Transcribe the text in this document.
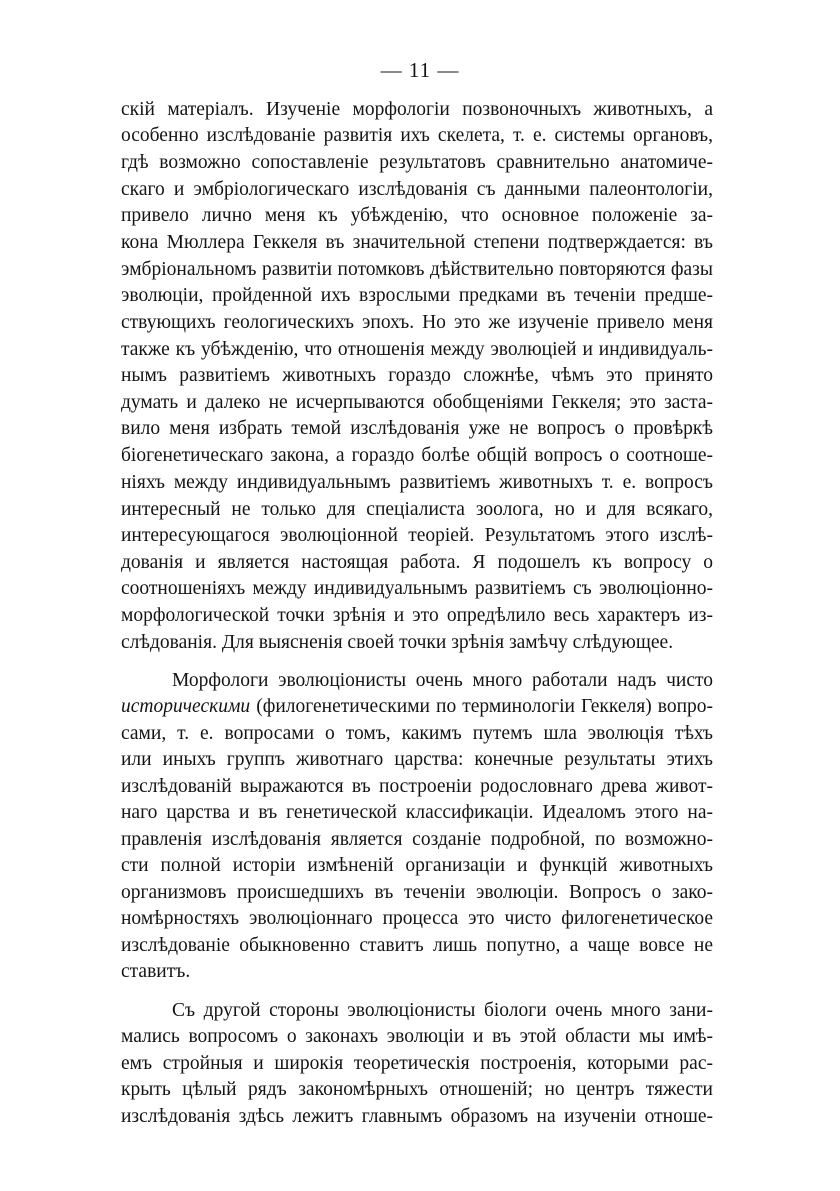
— 11 —
скій матеріалъ. Изученіе морфологіи позвоночныхъ животныхъ, а
особенно изслѣдованіе развитія ихъ скелета, т. е. системы органовъ,
гдѣ возможно сопоставленіе результатовъ сравнительно анатомиче-
скаго и эмбріологическаго изслѣдованія съ данными палеонтологіи,
привело лично меня къ убѣжденію, что основное положеніе за-
кона Мюллера Геккеля въ значительной степени подтверждается: въ
эмбріональномъ развитіи потомковъ дѣйствительно повторяются фазы
эволюціи, пройденной ихъ взрослыми предками въ теченіи предше-
ствующихъ геологическихъ эпохъ. Но это же изученіе привело меня
также къ убѣжденію, что отношенія между эволюціей и индивидуаль-
нымъ развитіемъ животныхъ гораздо сложнѣе, чѣмъ это принято
думать и далеко не исчерпываются обобщеніями Геккеля; это заста-
вило меня избрать темой изслѣдованія уже не вопросъ о провѣркѣ
біогенетическаго закона, а гораздо болѣе общій вопросъ о соотноше-
ніяхъ между индивидуальнымъ развитіемъ животныхъ т. е. вопросъ
интересный не только для спеціалиста зоолога, но и для всякаго,
интересующагося эволюціонной теоріей. Результатомъ этого изслѣ-
дованія и является настоящая работа. Я подошелъ къ вопросу о
соотношеніяхъ между индивидуальнымъ развитіемъ съ эволюціонно-
морфологической точки зрѣнія и это опредѣлило весь характеръ из-
слѣдованія. Для выясненія своей точки зрѣнія замѣчу слѣдующее.
Морфологи эволюціонисты очень много работали надъ чисто
историческими (филогенетическими по терминологіи Геккеля) вопро-
сами, т. е. вопросами о томъ, какимъ путемъ шла эволюція тѣхъ
или иныхъ группъ животнаго царства: конечные результаты этихъ
изслѣдованій выражаются въ построеніи родословнаго древа живот-
наго царства и въ генетической классификаціи. Идеаломъ этого на-
правленія изслѣдованія является созданіе подробной, по возможно-
сти полной исторіи измѣненій организаціи и функцій животныхъ
организмовъ происшедшихъ въ теченіи эволюціи. Вопросъ о зако-
номѣрностяхъ эволюціоннаго процесса это чисто филогенетическое
изслѣдованіе обыкновенно ставитъ лишь попутно, а чаще вовсе не
ставитъ.
Съ другой стороны эволюціонисты біологи очень много зани-
мались вопросомъ о законахъ эволюціи и въ этой области мы имѣ-
емъ стройныя и широкія теоретическія построенія, которыми рас-
крыть цѣлый рядъ закономѣрныхъ отношеній; но центръ тяжести
изслѣдованія здѣсь лежитъ главнымъ образомъ на изученіи отноше-
